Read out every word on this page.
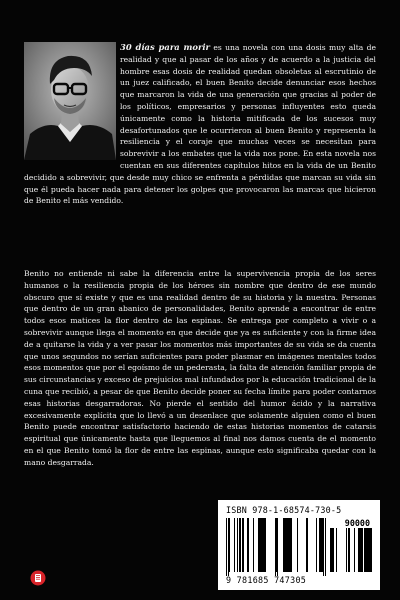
30 días para morir es una novela con una dosis muy alta de realidad y que al pasar de los años y de acuerdo a la justicia del hombre esas dosis de realidad quedan obsoletas al escrutinio de un juez calificado, el buen Benito decide denunciar esos hechos que marcaron la vida de una generación que gracias al poder de los políticos, empresarios y personas influyentes esto queda únicamente como la historia mitificada de los sucesos muy desafortunados que le ocurrieron al buen Benito y representa la resiliencia y el coraje que muchas veces se necesitan para sobrevivir a los embates que la vida nos pone. En esta novela nos cuentan en sus diferentes capítulos hitos en la vida de un Benito decidido a sobrevivir, que desde muy chico se enfrenta a pérdidas que marcan su vida sin que él pueda hacer nada para detener los golpes que provocaron las marcas que hicieron de Benito el más vendido.

Benito no entiende ni sabe la diferencia entre la supervivencia propia de los seres humanos o la resiliencia propia de los héroes sin nombre que dentro de ese mundo obscuro que sí existe y que es una realidad dentro de su historia y la nuestra. Personas que dentro de un gran abanico de personalidades, Benito aprende a encontrar de entre todos esos matices la flor dentro de las espinas. Se entrega por completo a vivir o a sobrevivir aunque llega el momento en que decide que ya es suficiente y con la firme idea de a quitarse la vida y a ver pasar los momentos más importantes de su vida se da cuenta que unos segundos no serían suficientes para poder plasmar en imágenes mentales todos esos momentos que por el egoísmo de un pederasta, la falta de atención familiar propia de sus circunstancias y exceso de prejuicios mal infundados por la educación tradicional de la cuna que recibió, a pesar de que Benito decide poner su fecha límite para poder contarnos esas historias desgarradoras. No pierde el sentido del humor ácido y la narrativa excesivamente explícita que lo llevó a un desenlace que solamente alguien como el buen Benito puede encontrar satisfactorio haciendo de estas historias momentos de catarsis espiritual que únicamente hasta que lleguemos al final nos damos cuenta de el momento en el que Benito tomó la flor de entre las espinas, aunque esto significaba quedar con la mano desgarrada.

ISBN 978-1-68574-730-5
90000
9 781685 747305
